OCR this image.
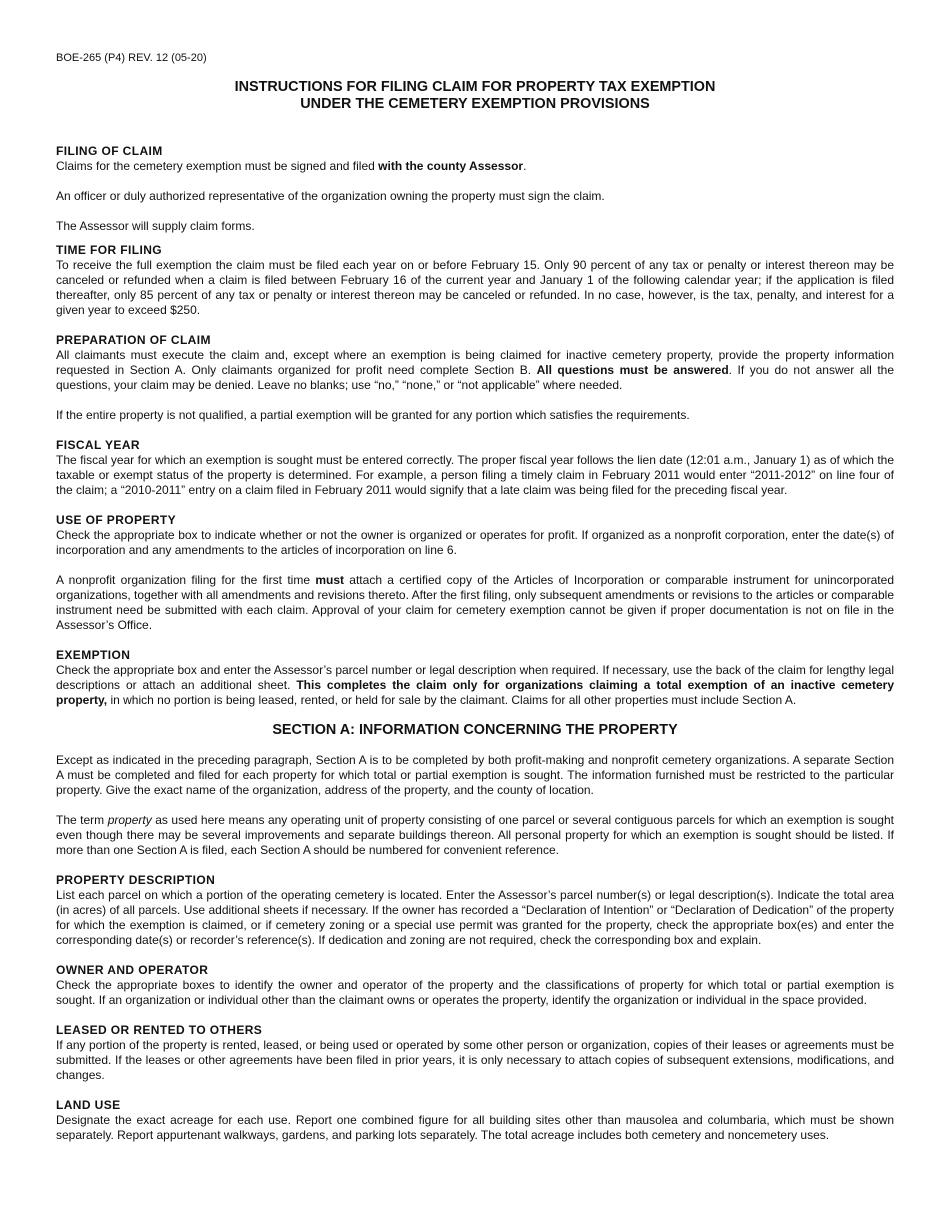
BOE-265 (P4) REV. 12 (05-20)
INSTRUCTIONS FOR FILING CLAIM FOR PROPERTY TAX EXEMPTION
UNDER THE CEMETERY EXEMPTION PROVISIONS
FILING OF CLAIM

Claims for the cemetery exemption must be signed and filed with the county Assessor.

An officer or duly authorized representative of the organization owning the property must sign the claim.

The Assessor will supply claim forms.

TIME FOR FILING

To receive the full exemption the claim must be filed each year on or before February 15. Only 90 percent of any tax or penalty or interest thereon may be canceled or refunded when a claim is filed between February 16 of the current year and January 1 of the following calendar year; if the application is filed thereafter, only 85 percent of any tax or penalty or interest thereon may be canceled or refunded. In no case, however, is the tax, penalty, and interest for a given year to exceed $250.

PREPARATION OF CLAIM

All claimants must execute the claim and, except where an exemption is being claimed for inactive cemetery property, provide the property information requested in Section A. Only claimants organized for profit need complete Section B. All questions must be answered. If you do not answer all the questions, your claim may be denied. Leave no blanks; use “no,” “none,” or “not applicable” where needed.

If the entire property is not qualified, a partial exemption will be granted for any portion which satisfies the requirements.

FISCAL YEAR

The fiscal year for which an exemption is sought must be entered correctly. The proper fiscal year follows the lien date (12:01 a.m., January 1) as of which the taxable or exempt status of the property is determined. For example, a person filing a timely claim in February 2011 would enter “2011-2012” on line four of the claim; a “2010-2011” entry on a claim filed in February 2011 would signify that a late claim was being filed for the preceding fiscal year.

USE OF PROPERTY

Check the appropriate box to indicate whether or not the owner is organized or operates for profit. If organized as a nonprofit corporation, enter the date(s) of incorporation and any amendments to the articles of incorporation on line 6.

A nonprofit organization filing for the first time must attach a certified copy of the Articles of Incorporation or comparable instrument for unincorporated organizations, together with all amendments and revisions thereto. After the first filing, only subsequent amendments or revisions to the articles or comparable instrument need be submitted with each claim. Approval of your claim for cemetery exemption cannot be given if proper documentation is not on file in the Assessor’s Office.

EXEMPTION

Check the appropriate box and enter the Assessor’s parcel number or legal description when required. If necessary, use the back of the claim for lengthy legal descriptions or attach an additional sheet. This completes the claim only for organizations claiming a total exemption of an inactive cemetery property, in which no portion is being leased, rented, or held for sale by the claimant. Claims for all other properties must include Section A.

SECTION A: INFORMATION CONCERNING THE PROPERTY

Except as indicated in the preceding paragraph, Section A is to be completed by both profit-making and nonprofit cemetery organizations. A separate Section A must be completed and filed for each property for which total or partial exemption is sought. The information furnished must be restricted to the particular property. Give the exact name of the organization, address of the property, and the county of location.

The term property as used here means any operating unit of property consisting of one parcel or several contiguous parcels for which an exemption is sought even though there may be several improvements and separate buildings thereon. All personal property for which an exemption is sought should be listed. If more than one Section A is filed, each Section A should be numbered for convenient reference.

PROPERTY DESCRIPTION

List each parcel on which a portion of the operating cemetery is located. Enter the Assessor’s parcel number(s) or legal description(s). Indicate the total area (in acres) of all parcels. Use additional sheets if necessary. If the owner has recorded a “Declaration of Intention” or “Declaration of Dedication” of the property for which the exemption is claimed, or if cemetery zoning or a special use permit was granted for the property, check the appropriate box(es) and enter the corresponding date(s) or recorder’s reference(s). If dedication and zoning are not required, check the corresponding box and explain.

OWNER AND OPERATOR

Check the appropriate boxes to identify the owner and operator of the property and the classifications of property for which total or partial exemption is sought. If an organization or individual other than the claimant owns or operates the property, identify the organization or individual in the space provided.

LEASED OR RENTED TO OTHERS

If any portion of the property is rented, leased, or being used or operated by some other person or organization, copies of their leases or agreements must be submitted. If the leases or other agreements have been filed in prior years, it is only necessary to attach copies of subsequent extensions, modifications, and changes.

LAND USE

Designate the exact acreage for each use. Report one combined figure for all building sites other than mausolea and columbaria, which must be shown separately. Report appurtenant walkways, gardens, and parking lots separately. The total acreage includes both cemetery and noncemetery uses.
